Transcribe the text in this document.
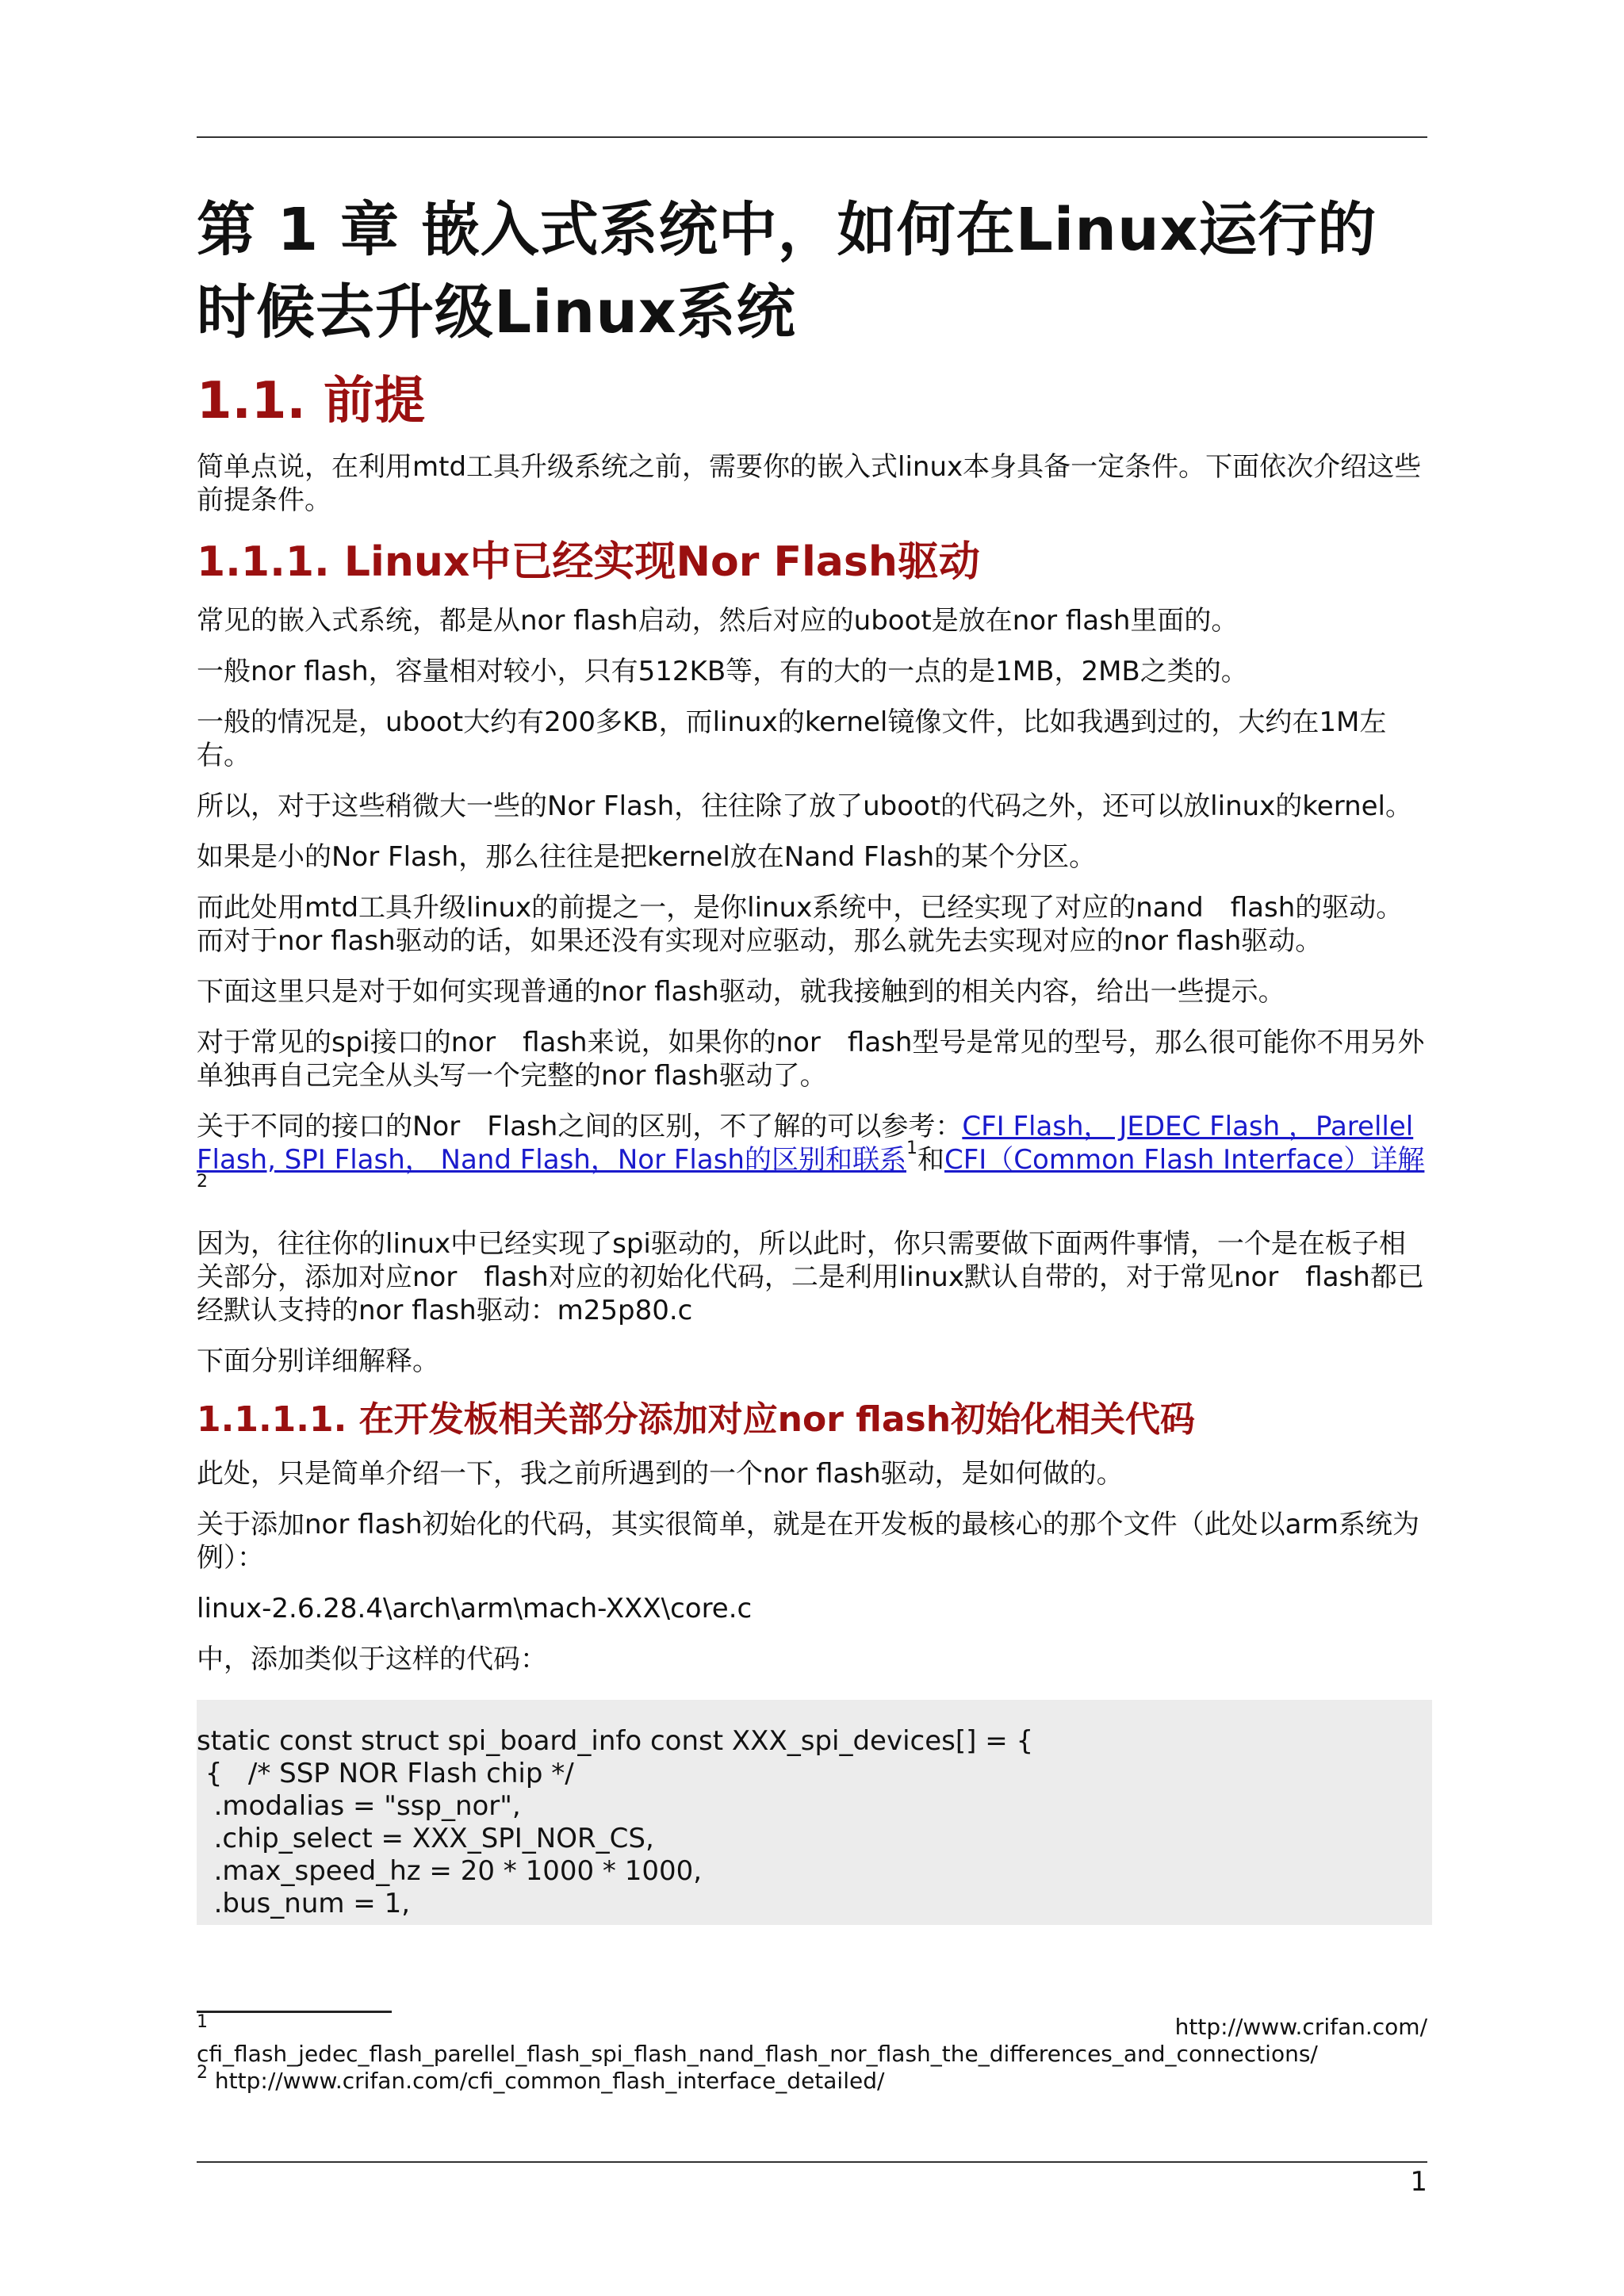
第 1 章 嵌入式系统中，如何在Linux运行的时候去升级Linux系统
1.1. 前提

简单点说，在利用mtd工具升级系统之前，需要你的嵌入式linux本身具备一定条件。下面依次介绍这些前提条件。

1.1.1. Linux中已经实现Nor Flash驱动

常见的嵌入式系统，都是从nor flash启动，然后对应的uboot是放在nor flash里面的。

一般nor flash，容量相对较小，只有512KB等，有的大的一点的是1MB，2MB之类的。

一般的情况是，uboot大约有200多KB，而linux的kernel镜像文件，比如我遇到过的，大约在1M左右。

所以，对于这些稍微大一些的Nor Flash，往往除了放了uboot的代码之外，还可以放linux的kernel。

如果是小的Nor Flash，那么往往是把kernel放在Nand Flash的某个分区。

而此处用mtd工具升级linux的前提之一，是你linux系统中，已经实现了对应的nand　flash的驱动。而对于nor flash驱动的话，如果还没有实现对应驱动，那么就先去实现对应的nor flash驱动。

下面这里只是对于如何实现普通的nor flash驱动，就我接触到的相关内容，给出一些提示。

对于常见的spi接口的nor　flash来说，如果你的nor　flash型号是常见的型号，那么很可能你不用另外单独再自己完全从头写一个完整的nor flash驱动了。

关于不同的接口的Nor　Flash之间的区别，不了解的可以参考：CFI Flash， JEDEC Flash ，Parellel Flash, SPI Flash， Nand Flash，Nor Flash的区别和联系$^1$和CFI（Common Flash Interface）详解$^2$

因为，往往你的linux中已经实现了spi驱动的，所以此时，你只需要做下面两件事情，一个是在板子相关部分，添加对应nor　flash对应的初始化代码，二是利用linux默认自带的，对于常见nor　flash都已经默认支持的nor flash驱动：m25p80.c

下面分别详细解释。

1.1.1.1. 在开发板相关部分添加对应nor flash初始化相关代码

此处，只是简单介绍一下，我之前所遇到的一个nor flash驱动，是如何做的。

关于添加nor flash初始化的代码，其实很简单，就是在开发板的最核心的那个文件（此处以arm系统为例）：

linux-2.6.28.4\arch\arm\mach-XXX\core.c

中，添加类似于这样的代码：

static const struct spi_board_info const XXX_spi_devices[] = {
{   /* SSP NOR Flash chip */
.modalias = "ssp_nor",
.chip_select = XXX_SPI_NOR_CS,
.max_speed_hz = 20 * 1000 * 1000,
.bus_num = 1,
1	http://www.crifan.com/
cfi_flash_jedec_flash_parellel_flash_spi_flash_nand_flash_nor_flash_the_differences_and_connections/
$^2$ http://www.crifan.com/cfi_common_flash_interface_detailed/
1
